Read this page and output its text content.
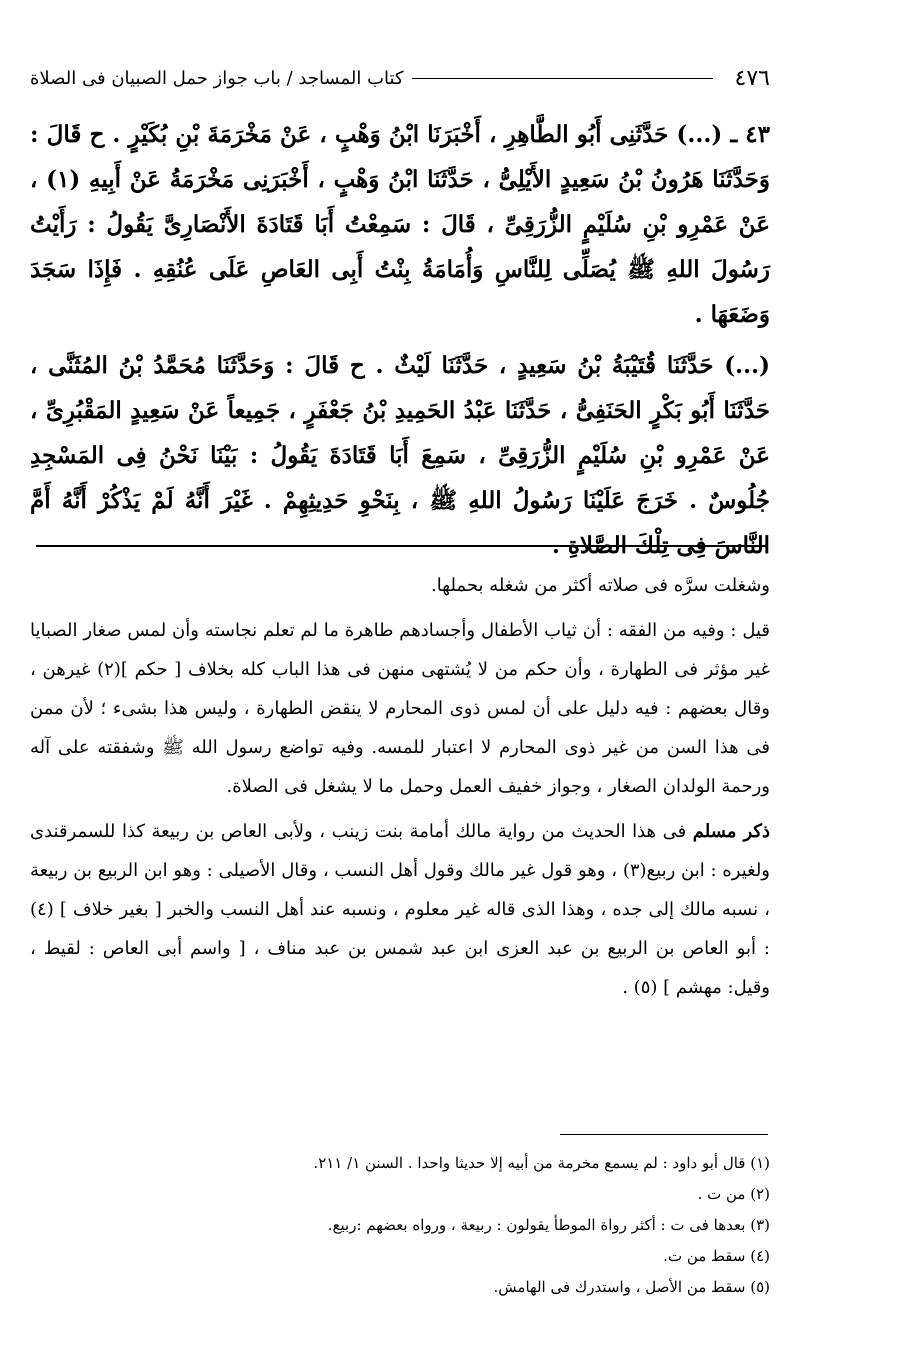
٤٧٦
كتاب المساجد / باب جواز حمل الصبيان فى الصلاة

٤٣ ـ (...) حَدَّثَنِى أَبُو الطَّاهِرِ ، أَخْبَرَنَا ابْنُ وَهْبٍ ، عَنْ مَخْرَمَةَ بْنِ بُكَيْرٍ . ح قَالَ : وَحَدَّثَنَا هَرُونُ بْنُ سَعِيدٍ الأَيْلِىُّ ، حَدَّثَنَا ابْنُ وَهْبٍ ، أَخْبَرَنِى مَخْرَمَةُ عَنْ أَبِيهِ (١) ، عَنْ عَمْرِو بْنِ سُلَيْمٍ الزُّرَقِىِّ ، قَالَ : سَمِعْتُ أَبَا قَتَادَةَ الأَنْصَارِىَّ يَقُولُ : رَأَيْتُ رَسُولَ اللهِ ﷺ يُصَلِّى لِلنَّاسِ وَأُمَامَةُ بِنْتُ أَبِى العَاصِ عَلَى عُنُقِهِ . فَإِذَا سَجَدَ وَضَعَهَا .

(...) حَدَّثَنَا قُتَيْبَةُ بْنُ سَعِيدٍ ، حَدَّثَنَا لَيْثٌ . ح قَالَ : وَحَدَّثَنَا مُحَمَّدُ بْنُ المُثَنَّى ، حَدَّثَنَا أَبُو بَكْرٍ الحَنَفِىُّ ، حَدَّثَنَا عَبْدُ الحَمِيدِ بْنُ جَعْفَرٍ ، جَمِيعاً عَنْ سَعِيدٍ المَقْبُرِىِّ ، عَنْ عَمْرِو بْنِ سُلَيْمٍ الزُّرَقِىِّ ، سَمِعَ أَبَا قَتَادَةَ يَقُولُ : بَيْنَا نَحْنُ فِى المَسْجِدِ جُلُوسٌ . خَرَجَ عَلَيْنَا رَسُولُ اللهِ ﷺ ، بِنَحْوِ حَدِيثِهِمْ . غَيْرَ أَنَّهُ لَمْ يَذْكُرْ أَنَّهُ أَمَّ النَّاسَ فِى تِلْكَ الصَّلاةِ .

وشغلت سرَّه فى صلاته أكثر من شغله بحملها.

قيل : وفيه من الفقه : أن ثياب الأطفال وأجسادهم طاهرة ما لم تعلم نجاسته وأن لمس صغار الصبايا غير مؤثر فى الطهارة ، وأن حكم من لا يُشتهى منهن فى هذا الباب كله بخلاف [ حكم ](٢) غيرهن ، وقال بعضهم : فيه دليل على أن لمس ذوى المحارم لا ينقض الطهارة ، وليس هذا بشىء ؛ لأن ممن فى هذا السن من غير ذوى المحارم لا اعتبار للمسه. وفيه تواضع رسول الله ﷺ وشفقته على آله ورحمة الولدان الصغار ، وجواز خفيف العمل وحمل ما لا يشغل فى الصلاة.

ذكر مسلم فى هذا الحديث من رواية مالك أمامة بنت زينب ، ولأبى العاص بن ربيعة كذا للسمرقندى ولغيره : ابن ربيع(٣) ، وهو قول غير مالك وقول أهل النسب ، وقال الأصيلى : وهو ابن الربيع بن ربيعة ، نسبه مالك إلى جده ، وهذا الذى قاله غير معلوم ، ونسبه عند أهل النسب والخبر [ بغير خلاف ] (٤) : أبو العاص بن الربيع بن عبد العزى ابن عبد شمس بن عبد مناف ، [ واسم أبى العاص : لقيط ، وقيل: مهشم ] (٥) .

(١) قال أبو داود : لم يسمع مخرمة من أبيه إلا حديثا واحدا . السنن ١/ ٢١١.
(٢) من ت .
(٣) بعدها فى ت : أكثر رواة الموطأ يقولون : ربيعة ، ورواه بعضهم :ربيع.
(٤) سقط من ت.
(٥) سقط من الأصل ، واستدرك فى الهامش.
